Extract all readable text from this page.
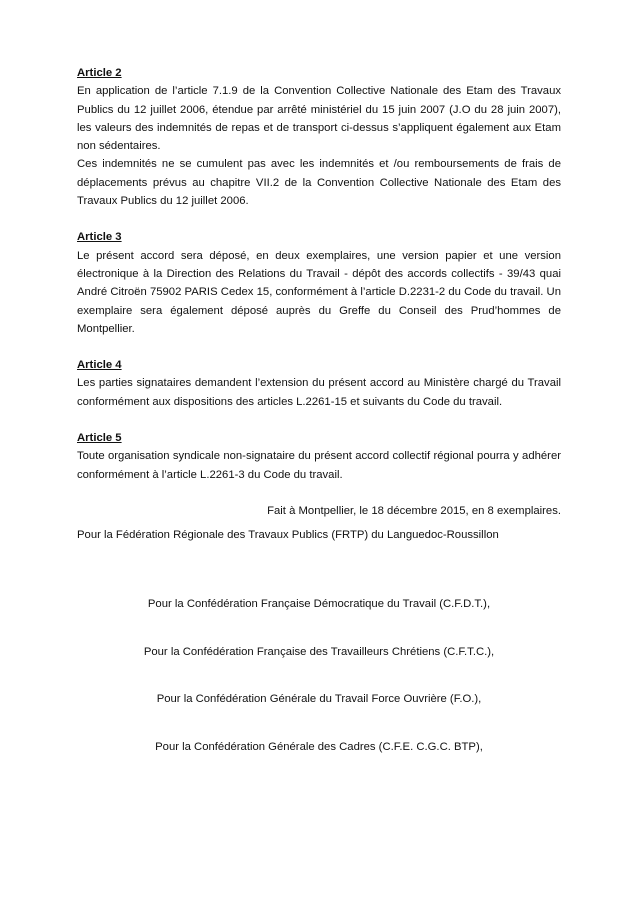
Article 2

En application de l’article 7.1.9 de la Convention Collective Nationale des Etam des Travaux Publics du 12 juillet 2006, étendue par arrêté ministériel du 15 juin 2007 (J.O du 28 juin 2007), les valeurs des indemnités de repas et de transport ci-dessus s’appliquent également aux Etam non sédentaires.

Ces indemnités ne se cumulent pas avec les indemnités et /ou remboursements de frais de déplacements prévus au chapitre VII.2 de la Convention Collective Nationale des Etam des Travaux Publics du 12 juillet 2006.

Article 3

Le présent accord sera déposé, en deux exemplaires, une version papier et une version électronique à la Direction des Relations du Travail - dépôt des accords collectifs - 39/43 quai André Citroën 75902 PARIS Cedex 15, conformément à l’article D.2231-2 du Code du travail. Un exemplaire sera également déposé auprès du Greffe du Conseil des Prud’hommes de Montpellier.

Article 4

Les parties signataires demandent l’extension du présent accord au Ministère chargé du Travail conformément aux dispositions des articles L.2261-15 et suivants du Code du travail.

Article 5

Toute organisation syndicale non-signataire du présent accord collectif régional pourra y adhérer conformément à l’article L.2261-3 du Code du travail.

Fait à Montpellier, le 18 décembre 2015, en 8 exemplaires.

Pour la Fédération Régionale des Travaux Publics (FRTP) du Languedoc-Roussillon

Pour la Confédération Française Démocratique du Travail (C.F.D.T.),

Pour la Confédération Française des Travailleurs Chrétiens (C.F.T.C.),

Pour la Confédération Générale du Travail Force Ouvrière (F.O.),

Pour la Confédération Générale des Cadres (C.F.E. C.G.C. BTP),
